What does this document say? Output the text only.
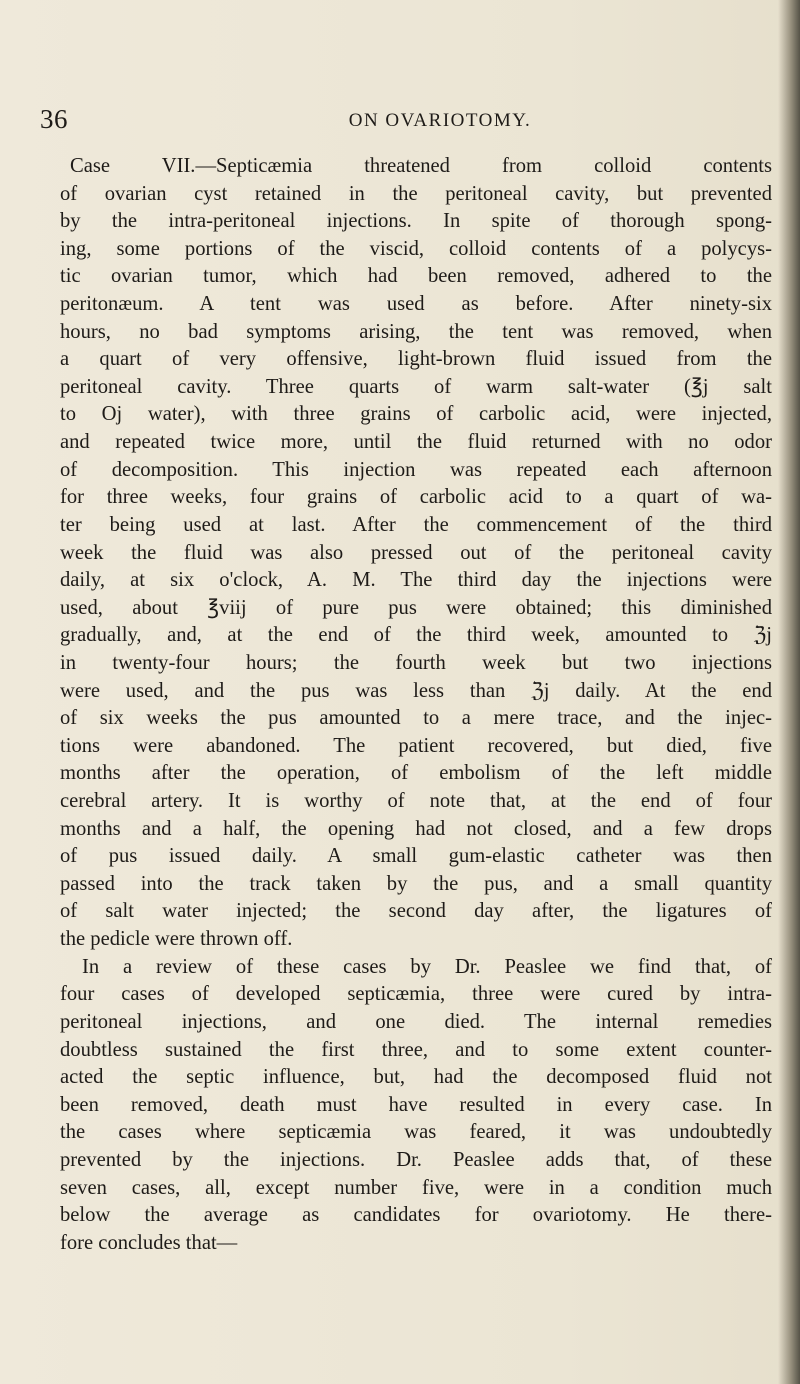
36	ON OVARIOTOMY.
Case VII.—Septicæmia threatened from colloid contents
of ovarian cyst retained in the peritoneal cavity, but prevented
by the intra-peritoneal injections. In spite of thorough spong-
ing, some portions of the viscid, colloid contents of a polycys-
tic ovarian tumor, which had been removed, adhered to the
peritonæum. A tent was used as before. After ninety-six
hours, no bad symptoms arising, the tent was removed, when
a quart of very offensive, light-brown fluid issued from the
peritoneal cavity. Three quarts of warm salt-water (℥j salt
to Oj water), with three grains of carbolic acid, were injected,
and repeated twice more, until the fluid returned with no odor
of decomposition. This injection was repeated each afternoon
for three weeks, four grains of carbolic acid to a quart of wa-
ter being used at last. After the commencement of the third
week the fluid was also pressed out of the peritoneal cavity
daily, at six o'clock, A. M. The third day the injections were
used, about ℥viij of pure pus were obtained; this diminished
gradually, and, at the end of the third week, amounted to ℨj
in twenty-four hours; the fourth week but two injections
were used, and the pus was less than ℨj daily. At the end
of six weeks the pus amounted to a mere trace, and the injec-
tions were abandoned. The patient recovered, but died, five
months after the operation, of embolism of the left middle
cerebral artery. It is worthy of note that, at the end of four
months and a half, the opening had not closed, and a few drops
of pus issued daily. A small gum-elastic catheter was then
passed into the track taken by the pus, and a small quantity
of salt water injected; the second day after, the ligatures of
the pedicle were thrown off.
In a review of these cases by Dr. Peaslee we find that, of
four cases of developed septicæmia, three were cured by intra-
peritoneal injections, and one died. The internal remedies
doubtless sustained the first three, and to some extent counter-
acted the septic influence, but, had the decomposed fluid not
been removed, death must have resulted in every case. In
the cases where septicæmia was feared, it was undoubtedly
prevented by the injections. Dr. Peaslee adds that, of these
seven cases, all, except number five, were in a condition much
below the average as candidates for ovariotomy. He there-
fore concludes that—
